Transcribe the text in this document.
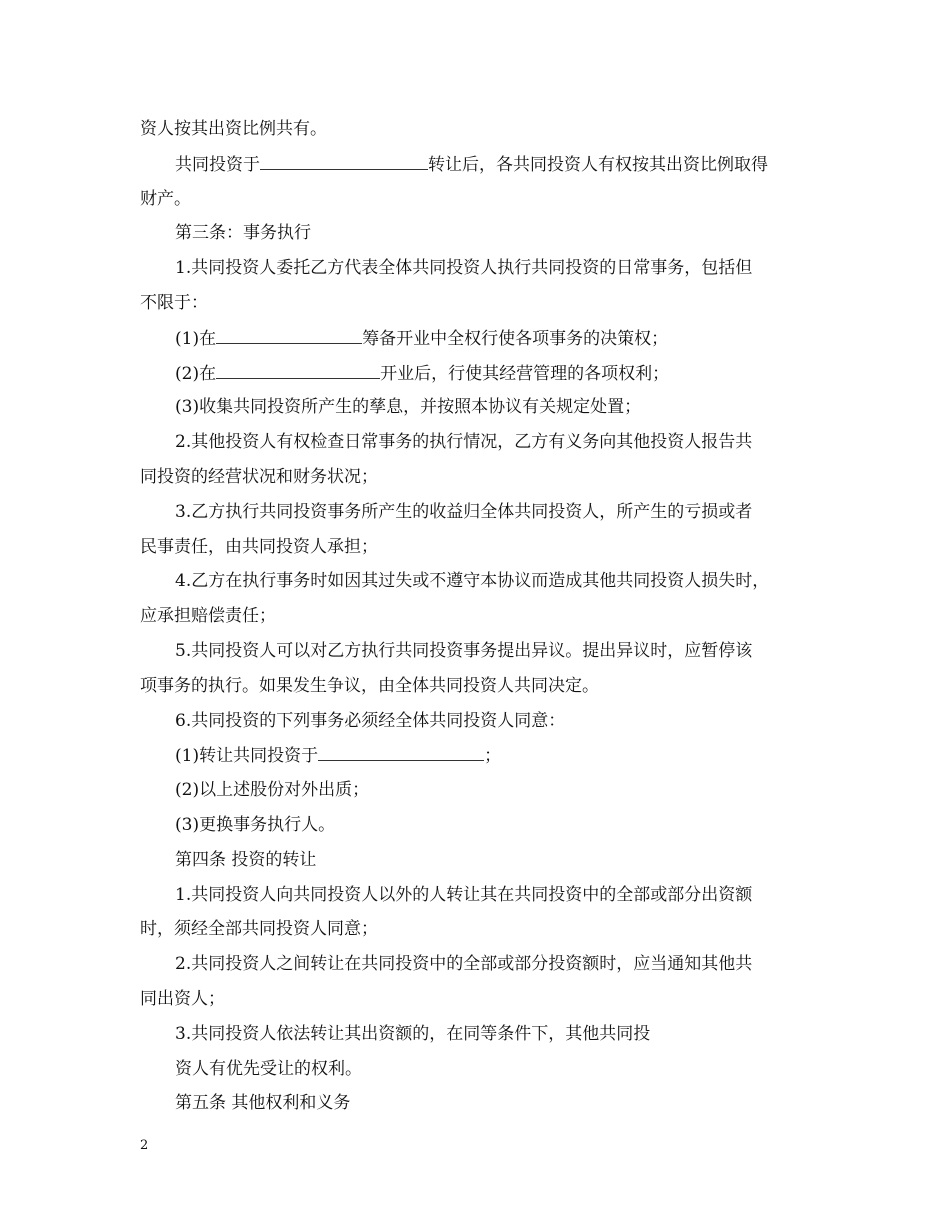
资人按其出资比例共有。
共同投资于	转让后，各共同投资人有权按其出资比例取得
财产。
第三条：事务执行
1.共同投资人委托乙方代表全体共同投资人执行共同投资的日常事务，包括但
不限于：
(1)在	筹备开业中全权行使各项事务的决策权；
(2)在	开业后，行使其经营管理的各项权利；
(3)收集共同投资所产生的孳息，并按照本协议有关规定处置；
2.其他投资人有权检查日常事务的执行情况，乙方有义务向其他投资人报告共
同投资的经营状况和财务状况；
3.乙方执行共同投资事务所产生的收益归全体共同投资人，所产生的亏损或者
民事责任，由共同投资人承担；
4.乙方在执行事务时如因其过失或不遵守本协议而造成其他共同投资人损失时，
应承担赔偿责任；
5.共同投资人可以对乙方执行共同投资事务提出异议。提出异议时，应暂停该
项事务的执行。如果发生争议，由全体共同投资人共同决定。
6.共同投资的下列事务必须经全体共同投资人同意：
(1)转让共同投资于	；
(2)以上述股份对外出质；
(3)更换事务执行人。
第四条 投资的转让
1.共同投资人向共同投资人以外的人转让其在共同投资中的全部或部分出资额
时，须经全部共同投资人同意；
2.共同投资人之间转让在共同投资中的全部或部分投资额时，应当通知其他共
同出资人；
3.共同投资人依法转让其出资额的，在同等条件下，其他共同投
资人有优先受让的权利。
第五条 其他权利和义务
2
